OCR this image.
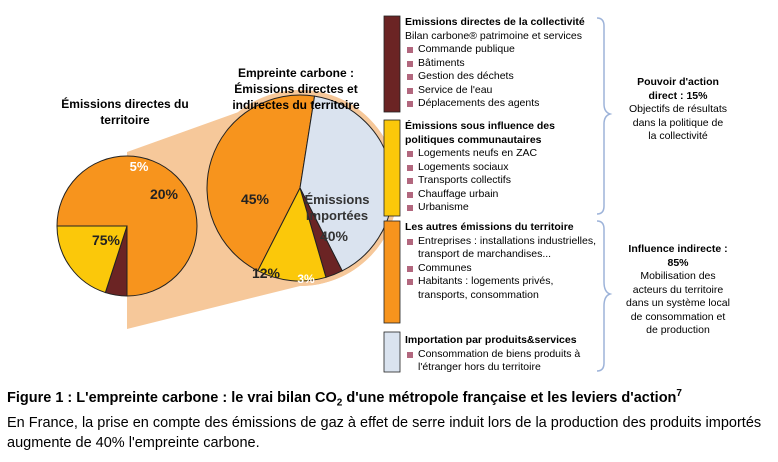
75%
5%
20%	45%
40%
3%
12%
Émissions
importées
Émissions directes du
territoire
Empreinte carbone :
Émissions directes et
indirectes du territoire
Emissions directes de la collectivité
Bilan carbone® patrimoine et services
Commande publique
Bâtiments
Gestion des déchets
Service de l'eau
Déplacements des agents
Émissions sous influence des politiques communautaires
Logements neufs en ZAC
Logements sociaux
Transports collectifs
Chauffage urbain
Urbanisme
Les autres émissions du territoire
Entreprises : installations industrielles, transport de marchandises...
Communes
Habitants : logements privés, transports, consommation
Importation par produits&services
Consommation de biens produits à l'étranger hors du territoire
Pouvoir d'action
direct : 15%
Objectifs de résultats
dans la politique de
la collectivité
Influence indirecte :
85%
Mobilisation des
acteurs du territoire
dans un système local
de consommation et
de production
Figure 1 : L'empreinte carbone : le vrai bilan $CO_2$ d'une métropole française et les leviers d'action$^7$
En France, la prise en compte des émissions de gaz à effet de serre induit lors de la production des produits importés augmente de 40% l'empreinte carbone.
